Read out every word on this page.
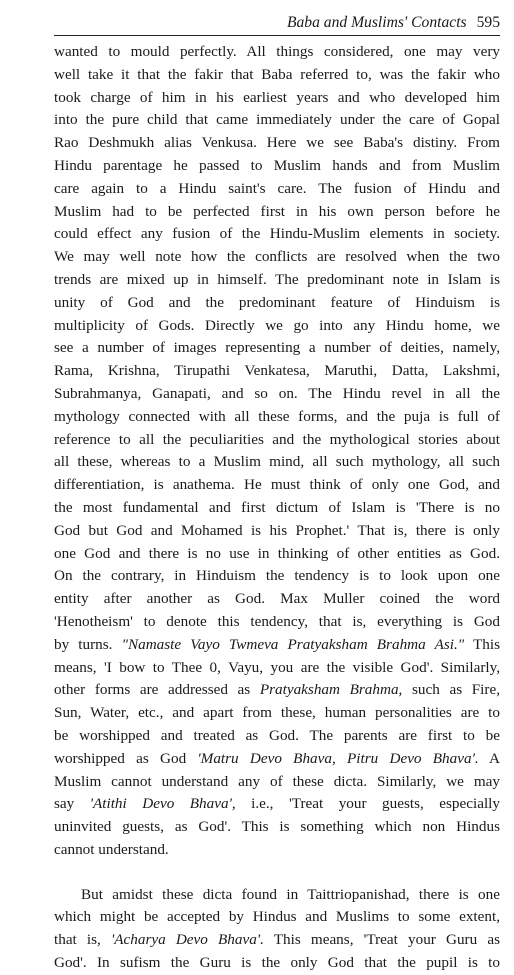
Baba and Muslims' Contacts 595
wanted to mould perfectly. All things considered, one may very
well take it that the fakir that Baba referred to, was the fakir who
took charge of him in his earliest years and who developed him
into the pure child that came immediately under the care of Gopal
Rao Deshmukh alias Venkusa. Here we see Baba's distiny. From
Hindu parentage he passed to Muslim hands and from Muslim
care again to a Hindu saint's care. The fusion of Hindu and
Muslim had to be perfected first in his own person before he
could effect any fusion of the Hindu-Muslim elements in society.
We may well note how the conflicts are resolved when the two
trends are mixed up in himself. The predominant note in Islam is
unity of God and the predominant feature of Hinduism is
multiplicity of Gods. Directly we go into any Hindu home, we
see a number of images representing a number of deities, namely,
Rama, Krishna, Tirupathi Venkatesa, Maruthi, Datta, Lakshmi,
Subrahmanya, Ganapati, and so on. The Hindu revel in all the
mythology connected with all these forms, and the puja is full of
reference to all the peculiarities and the mythological stories about
all these, whereas to a Muslim mind, all such mythology, all such
differentiation, is anathema. He must think of only one God, and
the most fundamental and first dictum of Islam is 'There is no
God but God and Mohamed is his Prophet.' That is, there is only
one God and there is no use in thinking of other entities as God.
On the contrary, in Hinduism the tendency is to look upon one
entity after another as God. Max Muller coined the word
'Henotheism' to denote this tendency, that is, everything is God
by turns. "Namaste Vayo Twmeva Pratyaksham Brahma Asi." This
means, 'I bow to Thee 0, Vayu, you are the visible God'. Similarly,
other forms are addressed as Pratyaksham Brahma, such as Fire,
Sun, Water, etc., and apart from these, human personalities are to
be worshipped and treated as God. The parents are first to be
worshipped as God 'Matru Devo Bhava, Pitru Devo Bhava'. A
Muslim cannot understand any of these dicta. Similarly, we may
say 'Atithi Devo Bhava', i.e., 'Treat your guests, especially
uninvited guests, as God'. This is something which non Hindus
cannot understand.
But amidst these dicta found in Taittriopanishad, there is one
which might be accepted by Hindus and Muslims to some extent,
that is, 'Acharya Devo Bhava'. This means, 'Treat your Guru as
God'. In sufism the Guru is the only God that the pupil is to
